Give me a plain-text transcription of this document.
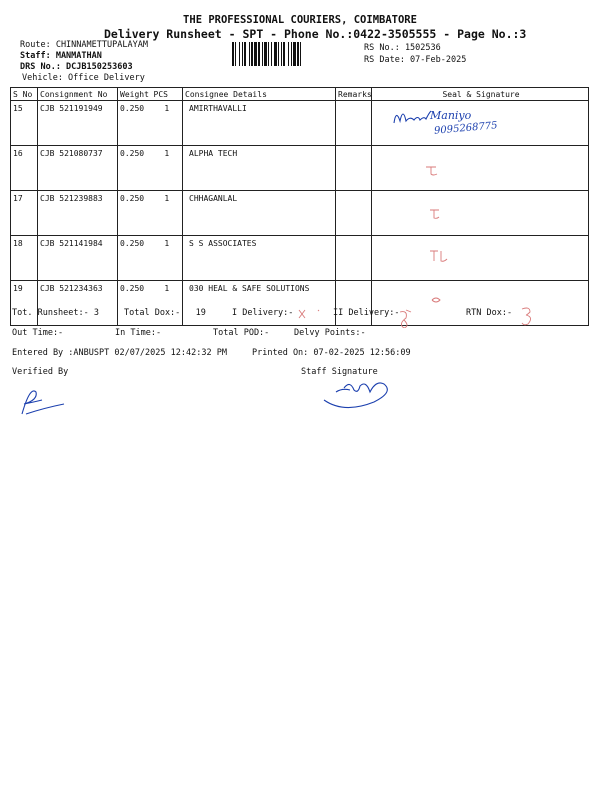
THE PROFESSIONAL COURIERS, COIMBATORE
Delivery Runsheet - SPT - Phone No.:0422-3505555 - Page No.:3
Route: CHINNAMETTUPALAYAM
Staff: MANMATHAN
DRS No.: DCJB150253603
Vehicle: Office Delivery
RS No.: 1502536
RS Date: 07-Feb-2025
S No	Consignment No	Weight	PCS	Consignee Details	Remarks	Seal & Signature
15	CJB 521191949	0.250	1	AMIRTHAVALLI		Maniyo
9095268775

16	CJB 521080737	0.250	1	ALPHA TECH		
17	CJB 521239883	0.250	1	CHHAGANLAL		
18	CJB 521141984	0.250	1	S S ASSOCIATES		
19	CJB 521234363	0.250	1	030 HEAL & SAFE SOLUTIONS		
Tot. Runsheet:- 3	Total Dox:-   19	I Delivery:-	II Delivery:-	RTN Dox:-
Out Time:-	In Time:-	Total POD:-	Delvy Points:-
Entered By :ANBUSPT 02/07/2025 12:42:32 PM	Printed On: 07-02-2025 12:56:09
Verified By	Staff Signature
